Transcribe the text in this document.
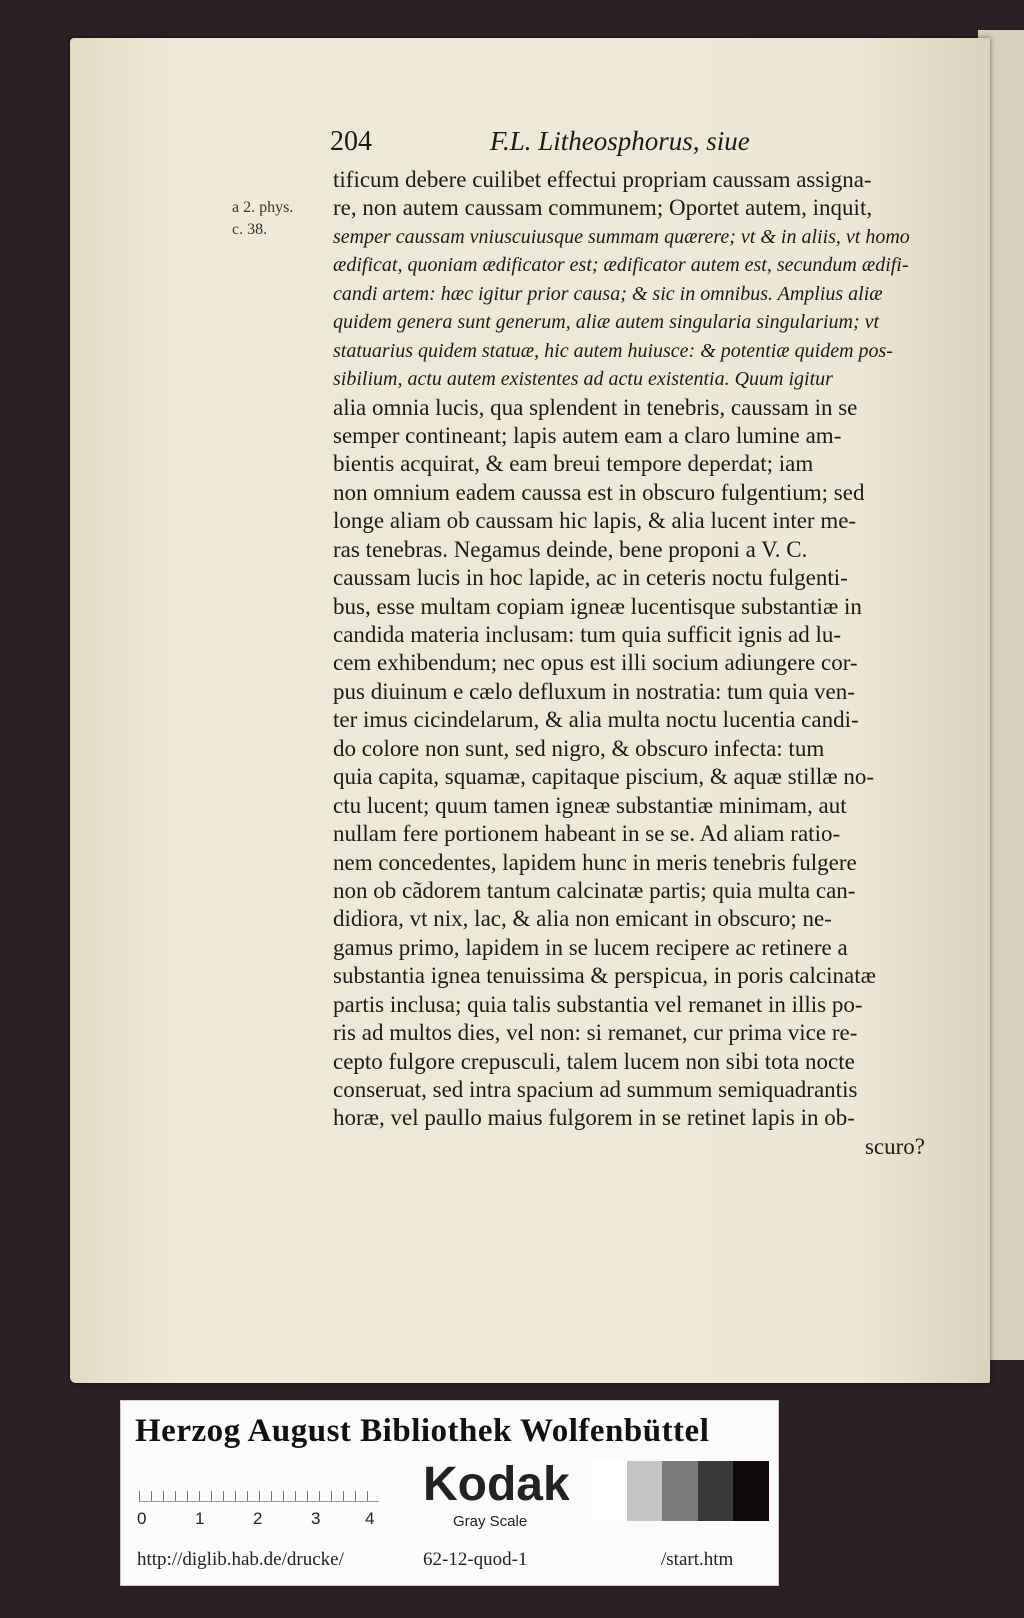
204	F.L. Litheosphorus, siue
a 2. phys.
c. 38.
tificum debere cuilibet effectui propriam caussam assigna-
re, non autem caussam communem; Oportet autem, inquit,
semper caussam vniuscuiusque summam quærere; vt & in aliis, vt homo
ædificat, quoniam ædificator est; ædificator autem est, secundum ædifi-
candi artem: hæc igitur prior causa; & sic in omnibus. Amplius aliæ
quidem genera sunt generum, aliæ autem singularia singularium; vt
statuarius quidem statuæ, hic autem huiusce: & potentiæ quidem pos-
sibilium, actu autem existentes ad actu existentia. Quum igitur
alia omnia lucis, qua splendent in tenebris, caussam in se
semper contineant; lapis autem eam a claro lumine am-
bientis acquirat, & eam breui tempore deperdat; iam
non omnium eadem caussa est in obscuro fulgentium; sed
longe aliam ob caussam hic lapis, & alia lucent inter me-
ras tenebras. Negamus deinde, bene proponi a V. C.
caussam lucis in hoc lapide, ac in ceteris noctu fulgenti-
bus, esse multam copiam igneæ lucentisque substantiæ in
candida materia inclusam: tum quia sufficit ignis ad lu-
cem exhibendum; nec opus est illi socium adiungere cor-
pus diuinum e cælo defluxum in nostratia: tum quia ven-
ter imus cicindelarum, & alia multa noctu lucentia candi-
do colore non sunt, sed nigro, & obscuro infecta: tum
quia capita, squamæ, capitaque piscium, & aquæ stillæ no-
ctu lucent; quum tamen igneæ substantiæ minimam, aut
nullam fere portionem habeant in se se. Ad aliam ratio-
nem concedentes, lapidem hunc in meris tenebris fulgere
non ob cãdorem tantum calcinatæ partis; quia multa can-
didiora, vt nix, lac, & alia non emicant in obscuro; ne-
gamus primo, lapidem in se lucem recipere ac retinere a
substantia ignea tenuissima & perspicua, in poris calcinatæ
partis inclusa; quia talis substantia vel remanet in illis po-
ris ad multos dies, vel non: si remanet, cur prima vice re-
cepto fulgore crepusculi, talem lucem non sibi tota nocte
conseruat, sed intra spacium ad summum semiquadrantis
horæ, vel paullo maius fulgorem in se retinet lapis in ob-
scuro?
Herzog August Bibliothek Wolfenbüttel
0	1	2	3	4
Kodak
Gray Scale
http://diglib.hab.de/drucke/	62-12-quod-1	/start.htm
